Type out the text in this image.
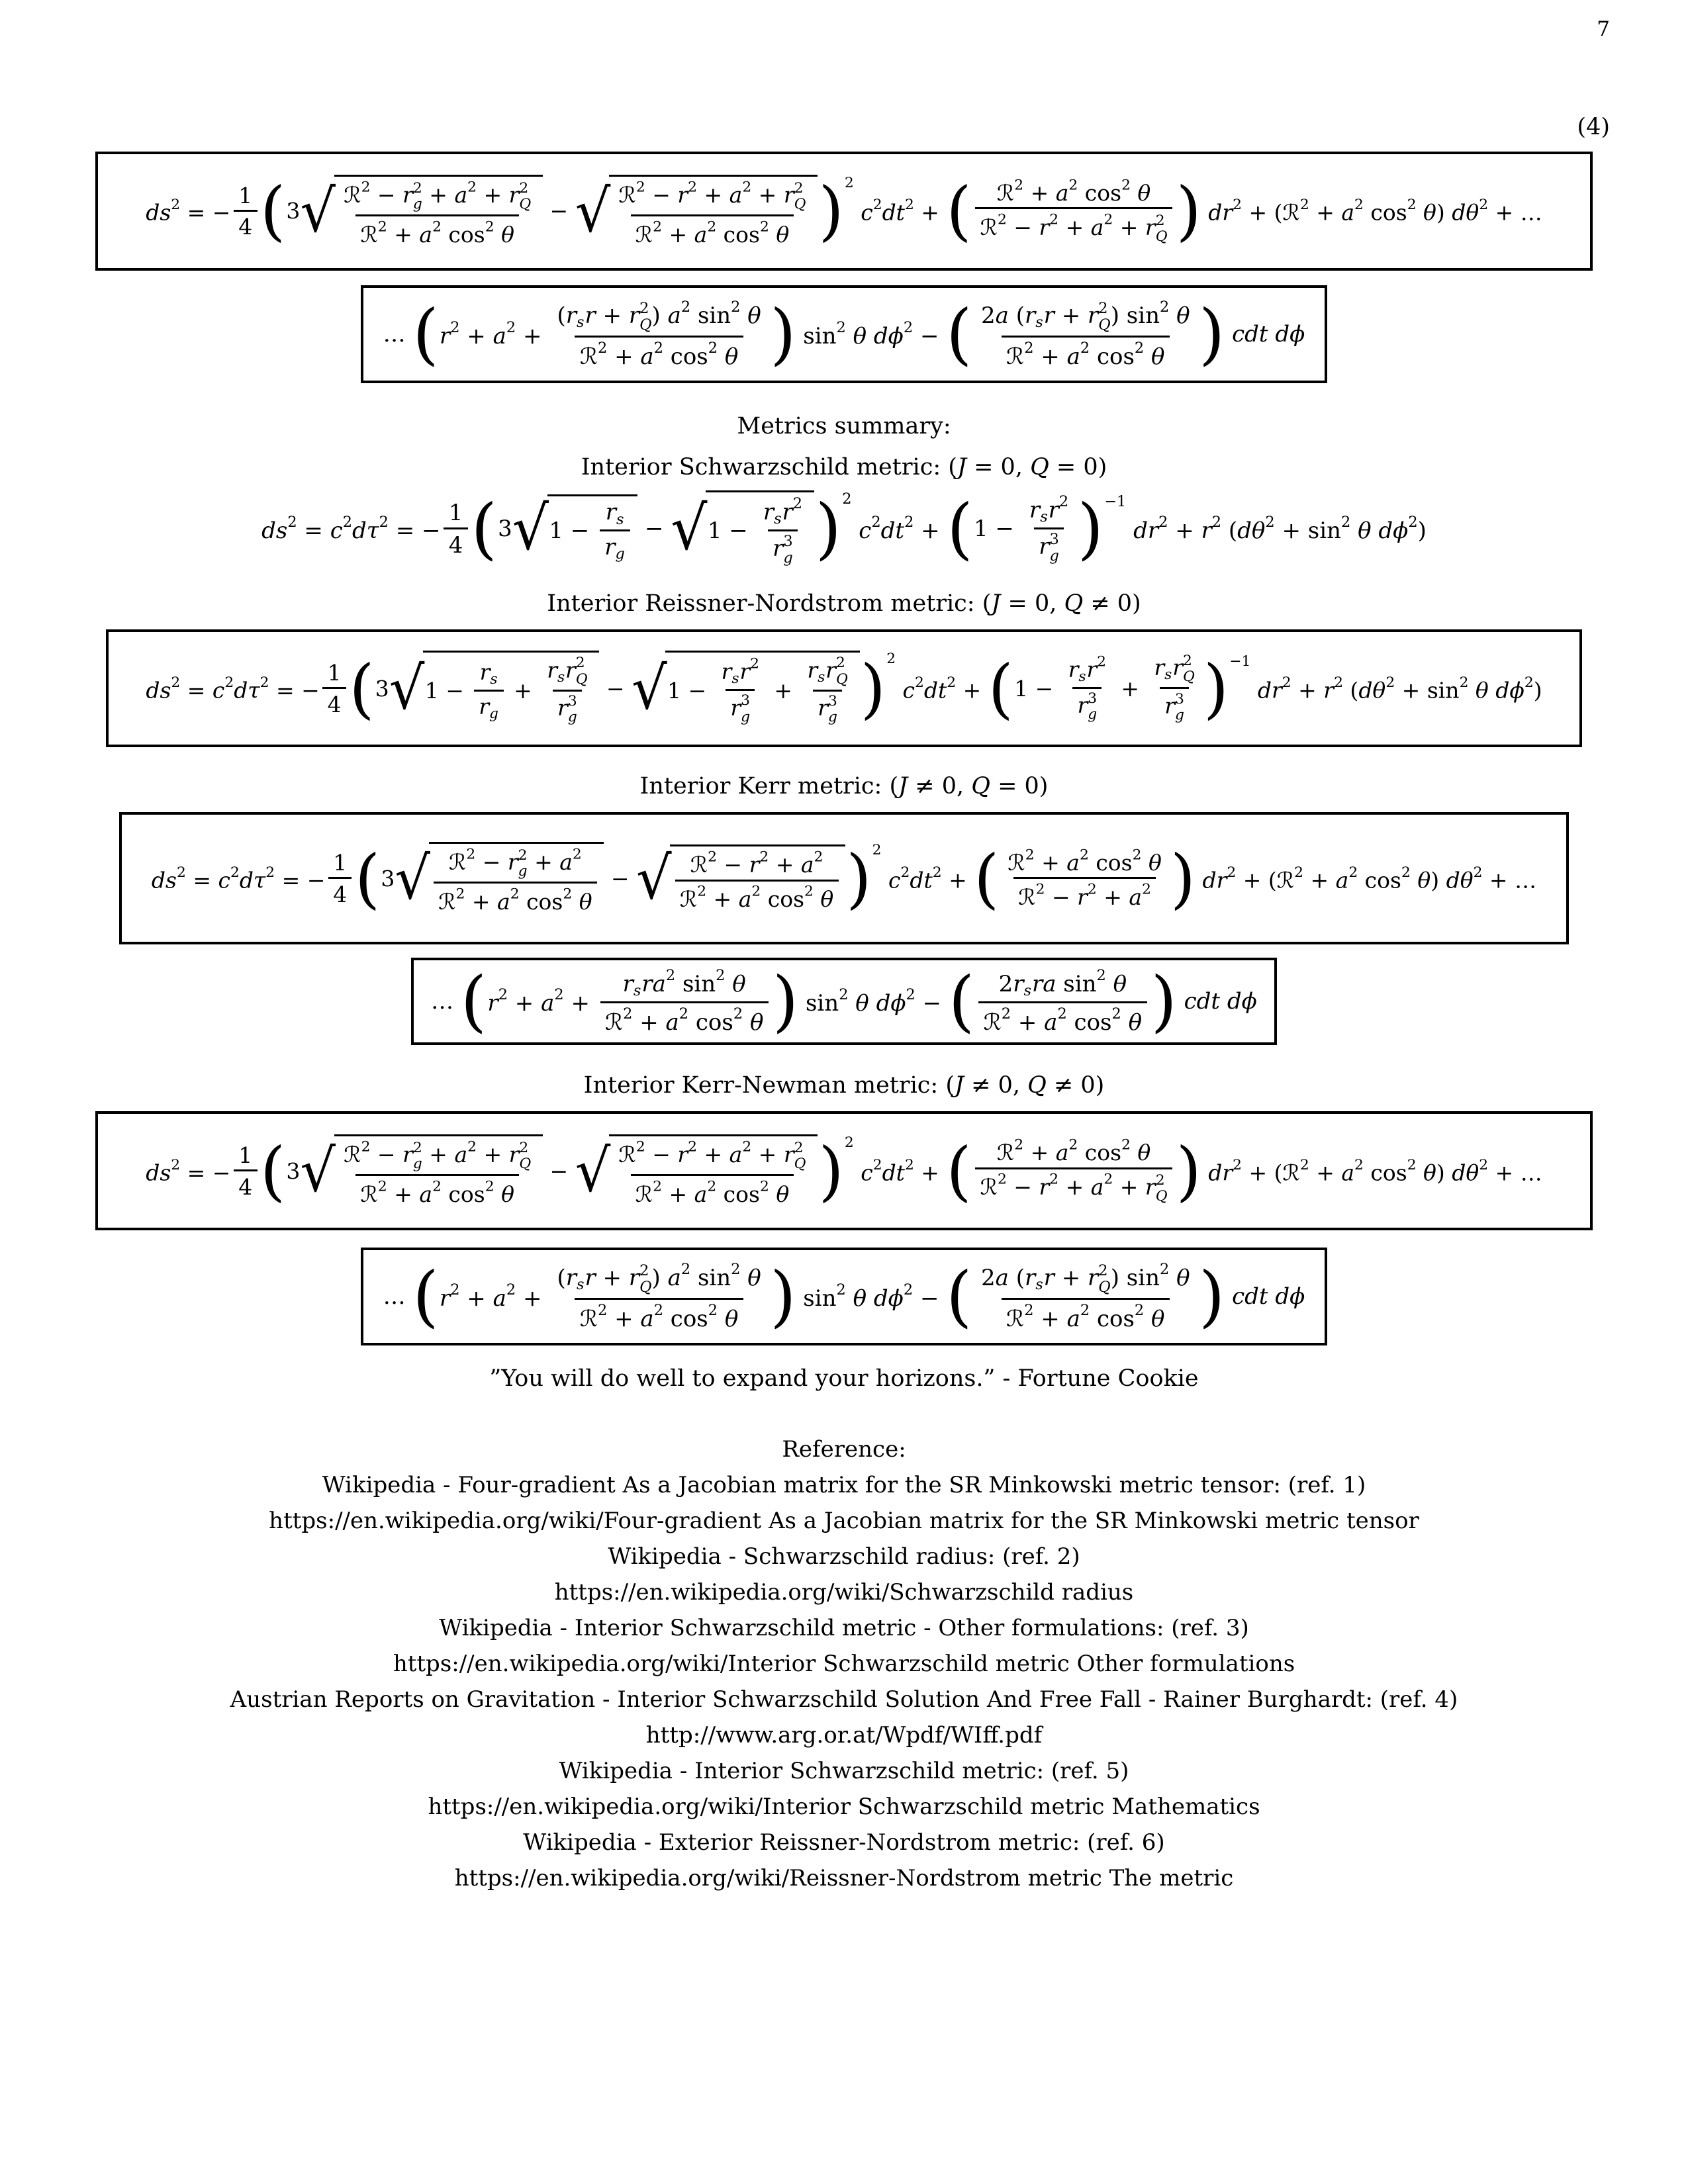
7
(4)
$ds^2$ = − $\frac{1}{4}$ ( 3 √ ℛ$^2$ − r 2
$g + a^2 + r$ 2
Q
ℛ$^2$ + $a^2$ $\cos^2 \theta$
− √ ℛ$^2$ − $r^2 + a^2 + r$ 2
Q
ℛ$^2$ + $a^2$ $\cos^2 \theta$ ) 2
$c^2dt^2$ + ( ℛ$^2$ + $a^2$ $\cos^2 \theta$
ℛ$^2$ − $r^2 + a^2 + r$ 2
Q ) $dr^2$ + (ℛ$^2$ + $a^2$ $\cos^2 \theta$) $d\theta^2$ + …
… ( $r^2 + a^2$ +
(rsr + r 2
Q ) $a^2$ $\sin^2 \theta$
ℛ$^2$ + $a^2$ $\cos^2 \theta$ ) $\sin^2 \theta$ $d\phi^2$ − ( 2a (rsr + r 2
Q ) $\sin^2 \theta$
ℛ$^2$ + $a^2$ $\cos^2 \theta$ ) cdt dϕ
Metrics summary:
Interior Schwarzschild metric: (J = 0, Q = 0)
$ds^2 = c^2d\tau^2$ = − $\frac{1}{4}$ ( 3 √ $1 - \frac{rs}{rg}$ − √ 1 −
rsr$^2$
r 3
g ) 2
$c^2dt^2$ + ( 1 −
rsr$^2$
r 3
g ) −1
$dr^2 + r^2$ ($d\theta^2 + \sin^2 \theta$ $d\phi^2$)
Interior Reissner-Nordstrom metric: (J = 0, Q ≠ 0)
$ds^2 = c^2d\tau^2$ = − $\frac{1}{4}$ ( 3 √ $1 - \frac{rs}{rg}$ +
rsr 2
Q
r 3
g
− √ 1 −
rsr$^2$
r 3
g
+
rsr 2
Q
r 3
g ) 2
$c^2dt^2$ + ( 1 −
rsr$^2$
r 3
g
+
rsr 2
Q
r 3
g ) −1
$dr^2 + r^2$ ($d\theta^2 + \sin^2 \theta$ $d\phi^2$)
Interior Kerr metric: (J ≠ 0, Q = 0)
$ds^2 = c^2d\tau^2$ = − $\frac{1}{4}$ ( 3 √ ℛ$^2$ − r 2
$g + a^2$
ℛ$^2$ + $a^2$ $\cos^2 \theta$
− √ ℛ$^2$ − $r^2 + a^2$
ℛ$^2$ + $a^2$ $\cos^2 \theta$ ) 2
$c^2dt^2$ + ( ℛ$^2$ + $a^2$ $\cos^2 \theta$
ℛ$^2$ − $r^2 + a^2$ ) $dr^2$ + (ℛ$^2$ + $a^2$ $\cos^2 \theta$) $d\theta^2$ + …
… ( $r^2 + a^2$ +
rsra$^2$ $\sin^2 \theta$
ℛ$^2$ + $a^2$ $\cos^2 \theta$ ) $\sin^2 \theta$ $d\phi^2$ − ( 2rsra $\sin^2 \theta$
ℛ$^2$ + $a^2$ $\cos^2 \theta$ ) cdt dϕ
Interior Kerr-Newman metric: (J ≠ 0, Q ≠ 0)
$ds^2$ = − $\frac{1}{4}$ ( 3 √ ℛ$^2$ − r 2
$g + a^2 + r$ 2
Q
ℛ$^2$ + $a^2$ $\cos^2 \theta$
− √ ℛ$^2$ − $r^2 + a^2 + r$ 2
Q
ℛ$^2$ + $a^2$ $\cos^2 \theta$ ) 2
$c^2dt^2$ + ( ℛ$^2$ + $a^2$ $\cos^2 \theta$
ℛ$^2$ − $r^2 + a^2 + r$ 2
Q ) $dr^2$ + (ℛ$^2$ + $a^2$ $\cos^2 \theta$) $d\theta^2$ + …
… ( $r^2 + a^2$ +
(rsr + r 2
Q ) $a^2$ $\sin^2 \theta$
ℛ$^2$ + $a^2$ $\cos^2 \theta$ ) $\sin^2 \theta$ $d\phi^2$ − ( 2a (rsr + r 2
Q ) $\sin^2 \theta$
ℛ$^2$ + $a^2$ $\cos^2 \theta$ ) cdt dϕ
”You will do well to expand your horizons.” - Fortune Cookie
Reference:
Wikipedia - Four-gradient As a Jacobian matrix for the SR Minkowski metric tensor: (ref. 1)
https://en.wikipedia.org/wiki/Four-gradient As a Jacobian matrix for the SR Minkowski metric tensor
Wikipedia - Schwarzschild radius: (ref. 2)
https://en.wikipedia.org/wiki/Schwarzschild radius
Wikipedia - Interior Schwarzschild metric - Other formulations: (ref. 3)
https://en.wikipedia.org/wiki/Interior Schwarzschild metric Other formulations
Austrian Reports on Gravitation - Interior Schwarzschild Solution And Free Fall - Rainer Burghardt: (ref. 4)
http://www.arg.or.at/Wpdf/WIff.pdf
Wikipedia - Interior Schwarzschild metric: (ref. 5)
https://en.wikipedia.org/wiki/Interior Schwarzschild metric Mathematics
Wikipedia - Exterior Reissner-Nordstrom metric: (ref. 6)
https://en.wikipedia.org/wiki/Reissner-Nordstrom metric The metric
